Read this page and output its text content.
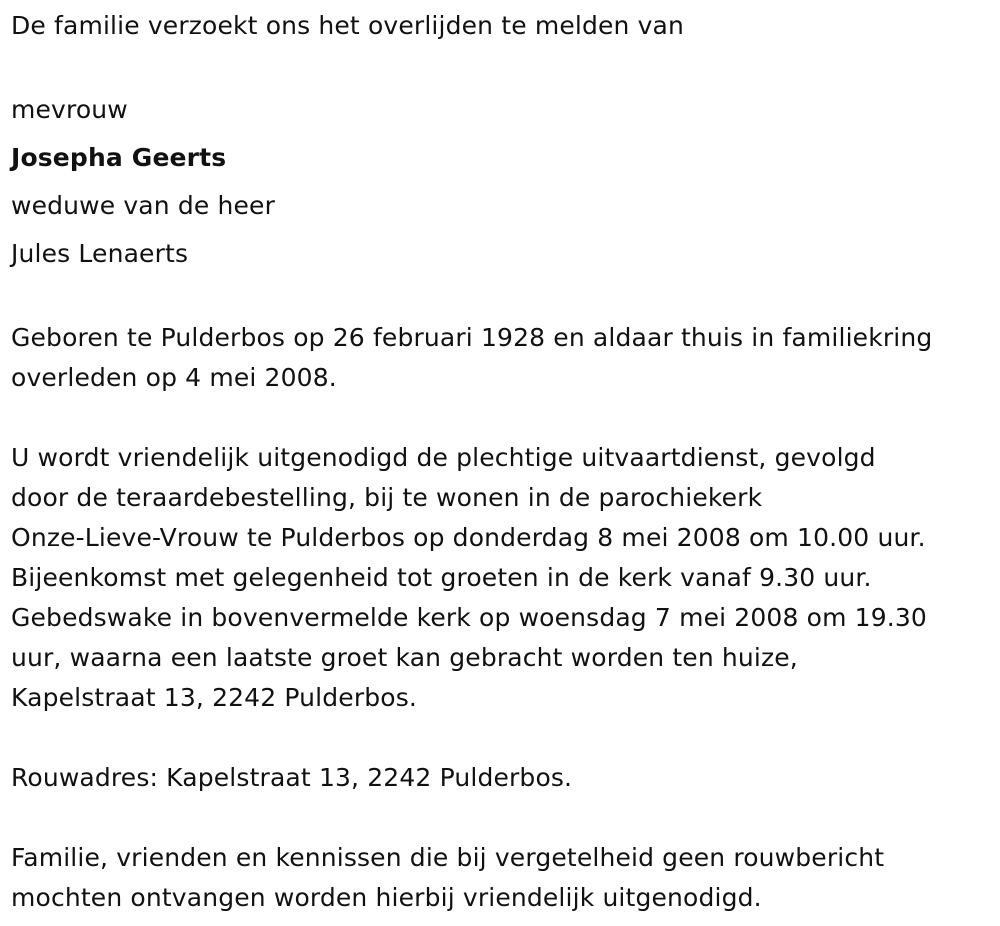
De familie verzoekt ons het overlijden te melden van
mevrouw
Josepha Geerts
weduwe van de heer
Jules Lenaerts
Geboren te Pulderbos op 26 februari 1928 en aldaar thuis in familiekring
overleden op 4 mei 2008.
U wordt vriendelijk uitgenodigd de plechtige uitvaartdienst, gevolgd
door de teraardebestelling, bij te wonen in de parochiekerk
Onze-Lieve-Vrouw te Pulderbos op donderdag 8 mei 2008 om 10.00 uur.
Bijeenkomst met gelegenheid tot groeten in de kerk vanaf 9.30 uur.
Gebedswake in bovenvermelde kerk op woensdag 7 mei 2008 om 19.30
uur, waarna een laatste groet kan gebracht worden ten huize,
Kapelstraat 13, 2242 Pulderbos.
Rouwadres: Kapelstraat 13, 2242 Pulderbos.
Familie, vrienden en kennissen die bij vergetelheid geen rouwbericht
mochten ontvangen worden hierbij vriendelijk uitgenodigd.
